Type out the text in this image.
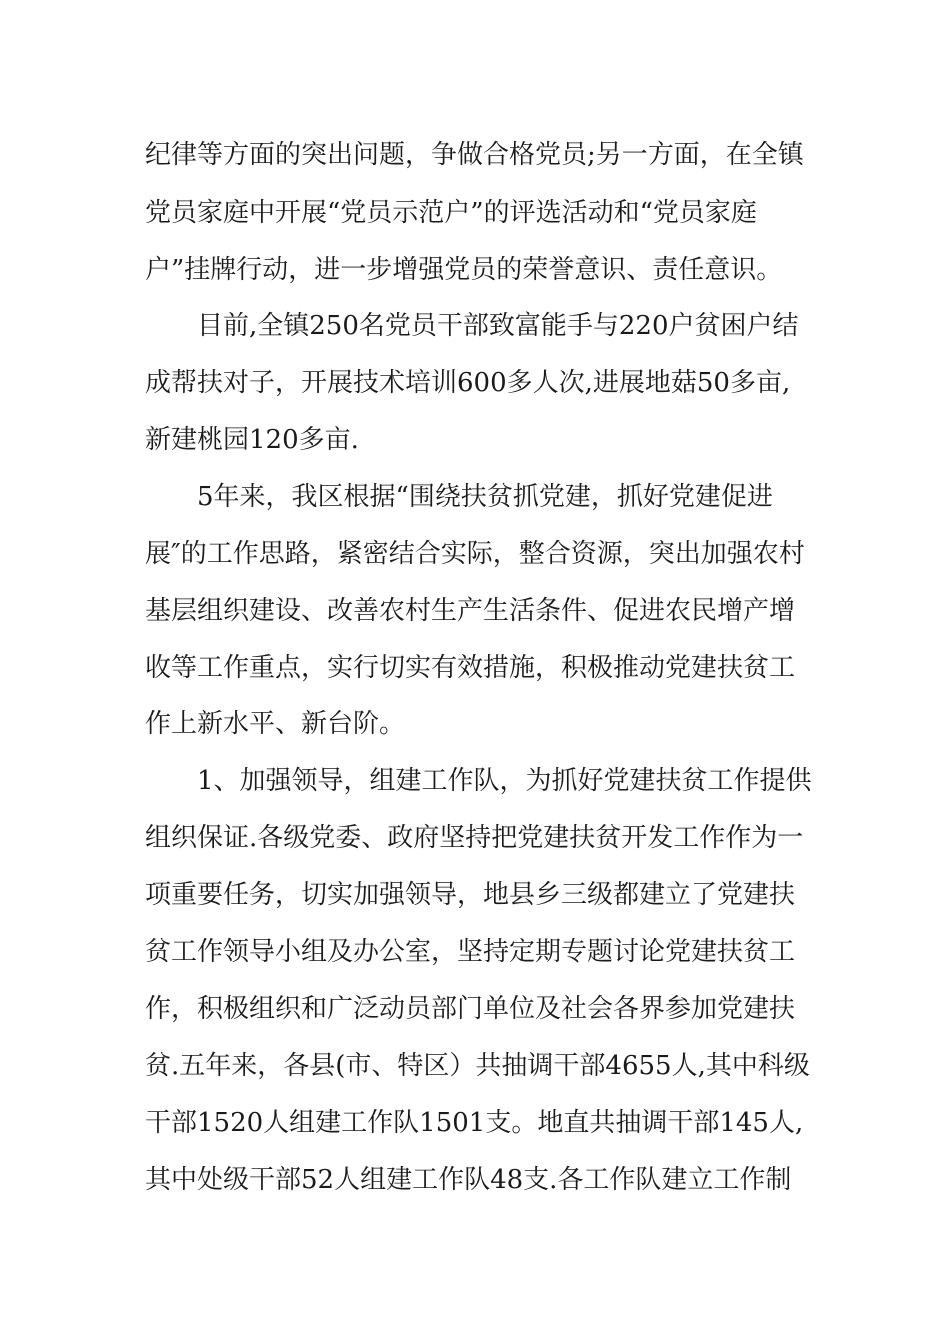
纪律等方面的突出问题，争做合格党员;另一方面，在全镇
党员家庭中开展“党员示范户”的评选活动和“党员家庭
户”挂牌行动，进一步增强党员的荣誉意识、责任意识。
目前,全镇250名党员干部致富能手与220户贫困户结
成帮扶对子，开展技术培训600多人次,进展地菇50多亩,
新建桃园120多亩.
5年来，我区根据“围绕扶贫抓党建，抓好党建促进
展″的工作思路，紧密结合实际，整合资源，突出加强农村
基层组织建设、改善农村生产生活条件、促进农民增产增
收等工作重点，实行切实有效措施，积极推动党建扶贫工
作上新水平、新台阶。
1、加强领导，组建工作队，为抓好党建扶贫工作提供
组织保证.各级党委、政府坚持把党建扶贫开发工作作为一
项重要任务，切实加强领导，地县乡三级都建立了党建扶
贫工作领导小组及办公室，坚持定期专题讨论党建扶贫工
作，积极组织和广泛动员部门单位及社会各界参加党建扶
贫.五年来，各县(市、特区）共抽调干部4655人,其中科级
干部1520人组建工作队1501支。地直共抽调干部145人,
其中处级干部52人组建工作队48支.各工作队建立工作制
